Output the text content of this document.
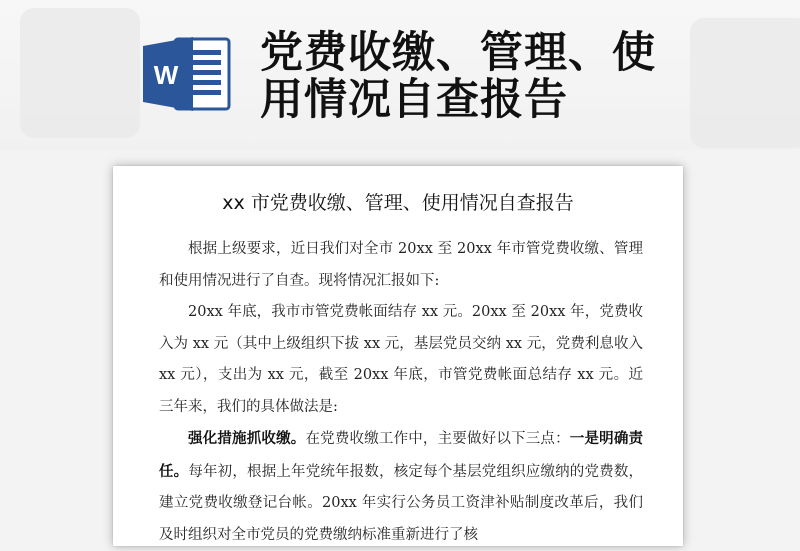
W 党费收缴、管理、使
用情况自查报告
xx 市党费收缴、管理、使用情况自查报告

根据上级要求，近日我们对全市 20xx 至 20xx 年市管党费收缴、管理和使用情况进行了自查。现将情况汇报如下:

20xx 年底，我市市管党费帐面结存 xx 元。20xx 至 20xx 年，党费收入为 xx 元（其中上级组织下拔 xx 元，基层党员交纳 xx 元，党费利息收入 xx 元），支出为 xx 元，截至 20xx 年底，市管党费帐面总结存 xx 元。近三年来，我们的具体做法是:

强化措施抓收缴。在党费收缴工作中，主要做好以下三点：一是明确责任。每年初，根据上年党统年报数，核定每个基层党组织应缴纳的党费数，建立党费收缴登记台帐。20xx 年实行公务员工资津补贴制度改革后，我们及时组织对全市党员的党费缴纳标准重新进行了核
